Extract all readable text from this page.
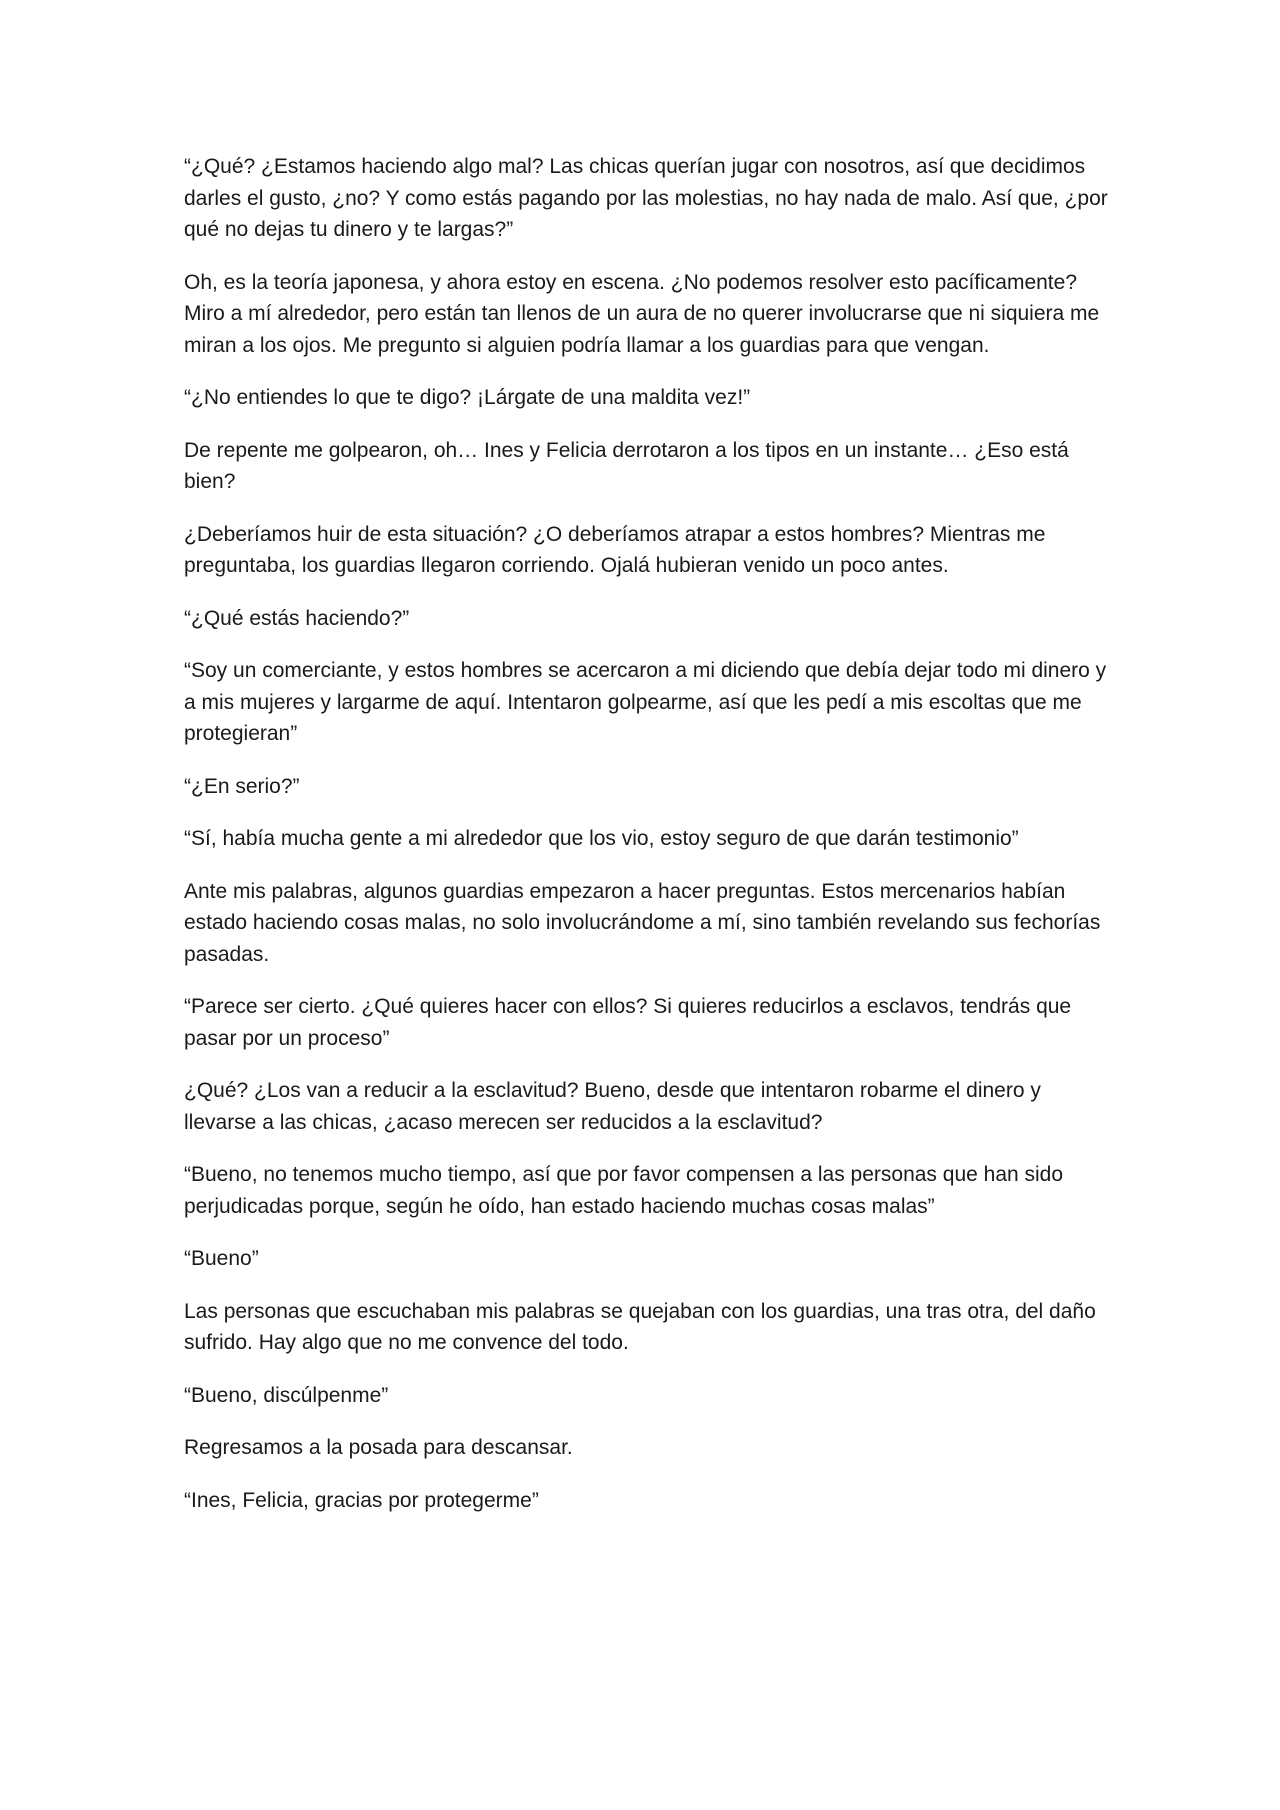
“¿Qué? ¿Estamos haciendo algo mal? Las chicas querían jugar con nosotros, así que decidimos darles el gusto, ¿no? Y como estás pagando por las molestias, no hay nada de malo. Así que, ¿por qué no dejas tu dinero y te largas?”

Oh, es la teoría japonesa, y ahora estoy en escena. ¿No podemos resolver esto pacíficamente? Miro a mí alrededor, pero están tan llenos de un aura de no querer involucrarse que ni siquiera me miran a los ojos. Me pregunto si alguien podría llamar a los guardias para que vengan.

“¿No entiendes lo que te digo? ¡Lárgate de una maldita vez!”

De repente me golpearon, oh… Ines y Felicia derrotaron a los tipos en un instante… ¿Eso está bien?

¿Deberíamos huir de esta situación? ¿O deberíamos atrapar a estos hombres? Mientras me preguntaba, los guardias llegaron corriendo. Ojalá hubieran venido un poco antes.

“¿Qué estás haciendo?”

“Soy un comerciante, y estos hombres se acercaron a mi diciendo que debía dejar todo mi dinero y a mis mujeres y largarme de aquí. Intentaron golpearme, así que les pedí a mis escoltas que me protegieran”

“¿En serio?”

“Sí, había mucha gente a mi alrededor que los vio, estoy seguro de que darán testimonio”

Ante mis palabras, algunos guardias empezaron a hacer preguntas. Estos mercenarios habían estado haciendo cosas malas, no solo involucrándome a mí, sino también revelando sus fechorías pasadas.

“Parece ser cierto. ¿Qué quieres hacer con ellos? Si quieres reducirlos a esclavos, tendrás que pasar por un proceso”

¿Qué? ¿Los van a reducir a la esclavitud? Bueno, desde que intentaron robarme el dinero y llevarse a las chicas, ¿acaso merecen ser reducidos a la esclavitud?

“Bueno, no tenemos mucho tiempo, así que por favor compensen a las personas que han sido perjudicadas porque, según he oído, han estado haciendo muchas cosas malas”

“Bueno”

Las personas que escuchaban mis palabras se quejaban con los guardias, una tras otra, del daño sufrido. Hay algo que no me convence del todo.

“Bueno, discúlpenme”

Regresamos a la posada para descansar.

“Ines, Felicia, gracias por protegerme”
